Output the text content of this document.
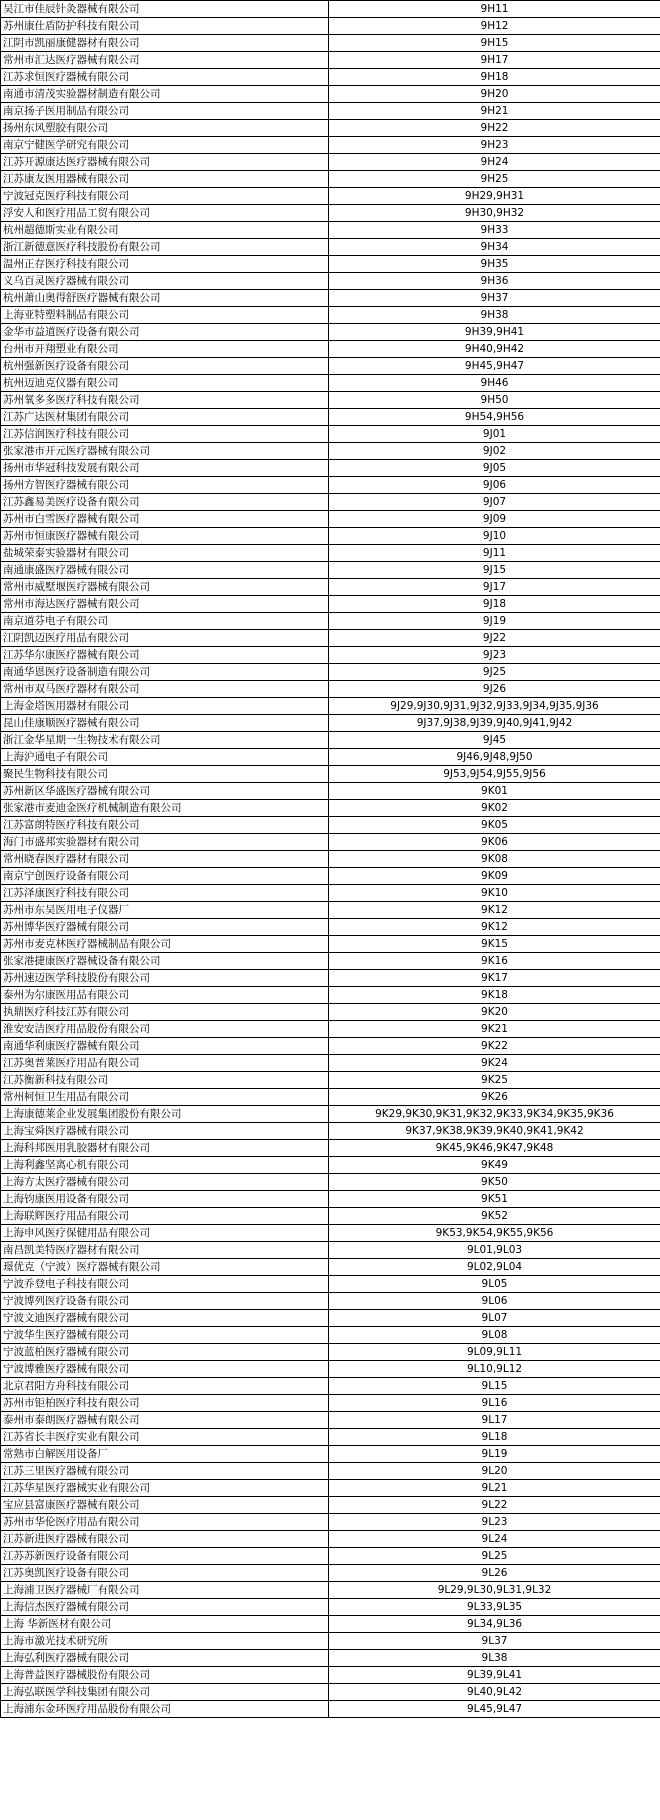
吴江市佳辰针灸器械有限公司	9H11
苏州康仕盾防护科技有限公司	9H12
江阴市凯丽康健器材有限公司	9H15
常州市汇达医疗器械有限公司	9H17
江苏求恒医疗器械有限公司	9H18
南通市清茂实验器材制造有限公司	9H20
南京扬子医用制品有限公司	9H21
扬州东风塑胶有限公司	9H22
南京宁健医学研究有限公司	9H23
江苏开源康达医疗器械有限公司	9H24
江苏康友医用器械有限公司	9H25
宁波冠克医疗科技有限公司	9H29,9H31
浮安人和医疗用品工贸有限公司	9H30,9H32
杭州超德斯实业有限公司	9H33
浙江新德意医疗科技股份有限公司	9H34
温州正存医疗科技有限公司	9H35
义乌百灵医疗器械有限公司	9H36
杭州萧山奥得舒医疗器械有限公司	9H37
上海亚特塑料制品有限公司	9H38
金华市益道医疗设备有限公司	9H39,9H41
台州市开翔塑业有限公司	9H40,9H42
杭州强新医疗设备有限公司	9H45,9H47
杭州迈迪克仪器有限公司	9H46
苏州氧多多医疗科技有限公司	9H50
江苏广达医材集团有限公司	9H54,9H56
江苏信润医疗科技有限公司	9J01
张家港市开元医疗器械有限公司	9J02
扬州市华冠科技发展有限公司	9J05
扬州方智医疗器械有限公司	9J06
江苏鑫易美医疗设备有限公司	9J07
苏州市白雪医疗器械有限公司	9J09
苏州市恒康医疗器械有限公司	9J10
盐城荣泰实验器材有限公司	9J11
南通康盛医疗器械有限公司	9J15
常州市威墅堰医疗器械有限公司	9J17
常州市海达医疗器械有限公司	9J18
南京道芬电子有限公司	9J19
江阴凯迈医疗用品有限公司	9J22
江苏华尔康医疗器械有限公司	9J23
南通华恩医疗设备制造有限公司	9J25
常州市双马医疗器材有限公司	9J26
上海金塔医用器材有限公司	9J29,9J30,9J31,9J32,9J33,9J34,9J35,9J36
昆山佳康顺医疗器械有限公司	9J37,9J38,9J39,9J40,9J41,9J42
浙江金华星期一生物技术有限公司	9J45
上海沪通电子有限公司	9J46,9J48,9J50
聚民生物科技有限公司	9J53,9J54,9J55,9J56
苏州新区华盛医疗器械有限公司	9K01
张家港市麦迪金医疗机械制造有限公司	9K02
江苏富朗特医疗科技有限公司	9K05
海门市盛邦实验器材有限公司	9K06
常州晓春医疗器材有限公司	9K08
南京宁创医疗设备有限公司	9K09
江苏泽康医疗科技有限公司	9K10
苏州市东吴医用电子仪器厂	9K12
苏州博华医疗器械有限公司	9K12
苏州市麦克林医疗器械制品有限公司	9K15
张家港捷康医疗器械设备有限公司	9K16
苏州速迈医学科技股份有限公司	9K17
泰州为尔康医用品有限公司	9K18
执鼎医疗科技江苏有限公司	9K20
淮安安洁医疗用品股份有限公司	9K21
南通华利康医疗器械有限公司	9K22
江苏奥普莱医疗用品有限公司	9K24
江苏衡新科技有限公司	9K25
常州柯恒卫生用品有限公司	9K26
上海康德莱企业发展集团股份有限公司	9K29,9K30,9K31,9K32,9K33,9K34,9K35,9K36
上海宝舜医疗器械有限公司	9K37,9K38,9K39,9K40,9K41,9K42
上海科邦医用乳胶器材有限公司	9K45,9K46,9K47,9K48
上海利鑫坚离心机有限公司	9K49
上海方太医疗器械有限公司	9K50
上海钧康医用设备有限公司	9K51
上海联辉医疗用品有限公司	9K52
上海申风医疗保健用品有限公司	9K53,9K54,9K55,9K56
南昌凯美特医疗器材有限公司	9L01,9L03
璟优克（宁波）医疗器械有限公司	9L02,9L04
宁波乔登电子科技有限公司	9L05
宁波博列医疗设备有限公司	9L06
宁波文迪医疗器械有限公司	9L07
宁波华生医疗器械有限公司	9L08
宁波蓝柏医疗器械有限公司	9L09,9L11
宁波博雅医疗器械有限公司	9L10,9L12
北京君阳方舟科技有限公司	9L15
苏州市钜柏医疗科技有限公司	9L16
泰州市泰朗医疗器械有限公司	9L17
江苏省长丰医疗实业有限公司	9L18
常熟市白解医用设备厂	9L19
江苏三里医疗器械有限公司	9L20
江苏华星医疗器械实业有限公司	9L21
宝应县富康医疗器械有限公司	9L22
苏州市华伦医疗用品有限公司	9L23
江苏新进医疗器械有限公司	9L24
江苏苏新医疗设备有限公司	9L25
江苏奥凯医疗设备有限公司	9L26
上海浦卫医疗器械厂有限公司	9L29,9L30,9L31,9L32
上海信杰医疗器械有限公司	9L33,9L35
上海 华新医材有限公司	9L34,9L36
上海市激光技术研究所	9L37
上海弘利医疗器械有限公司	9L38
上海普益医疗器械股份有限公司	9L39,9L41
上海弘联医学科技集团有限公司	9L40,9L42
上海浦东金环医疗用品股份有限公司	9L45,9L47
